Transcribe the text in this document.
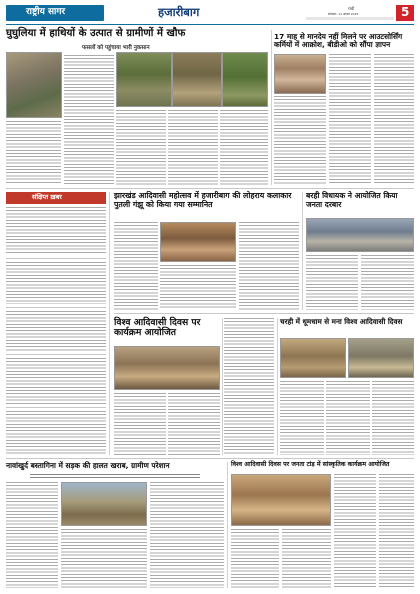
राष्ट्रीय सागर	हजारीबाग	रांची
सोमवार, 11 अगस्त 2025	5
घुघुलिया में हाथियों के उत्पात से ग्रामीणों में खौफ
फसलों को पहुंचाया भारी नुकसान
17 माह से मानदेय नहीं मिलने पर आउटसोर्सिंग कर्मियों में आक्रोश, बीडीओ को सौंपा ज्ञापन
संक्षिप्त ख़बर	झारखंड आदिवासी महोत्सव में हजारीबाग की लोहराय कलाकार पुतली गंझू को किया गया सम्मानित
बरही विधायक ने आयोजित किया जनता दरबार
विश्व आदिवासी दिवस पर कार्यक्रम आयोजित
चरही में धूमधाम से मना विश्व आदिवासी दिवस
नावांखुर्द बस्तागिना में सड़क की हालत खराब, ग्रामीण परेशान	विश्व आदिवासी दिवस पर जनता टांड़ में सांस्कृतिक कार्यक्रम आयोजित
